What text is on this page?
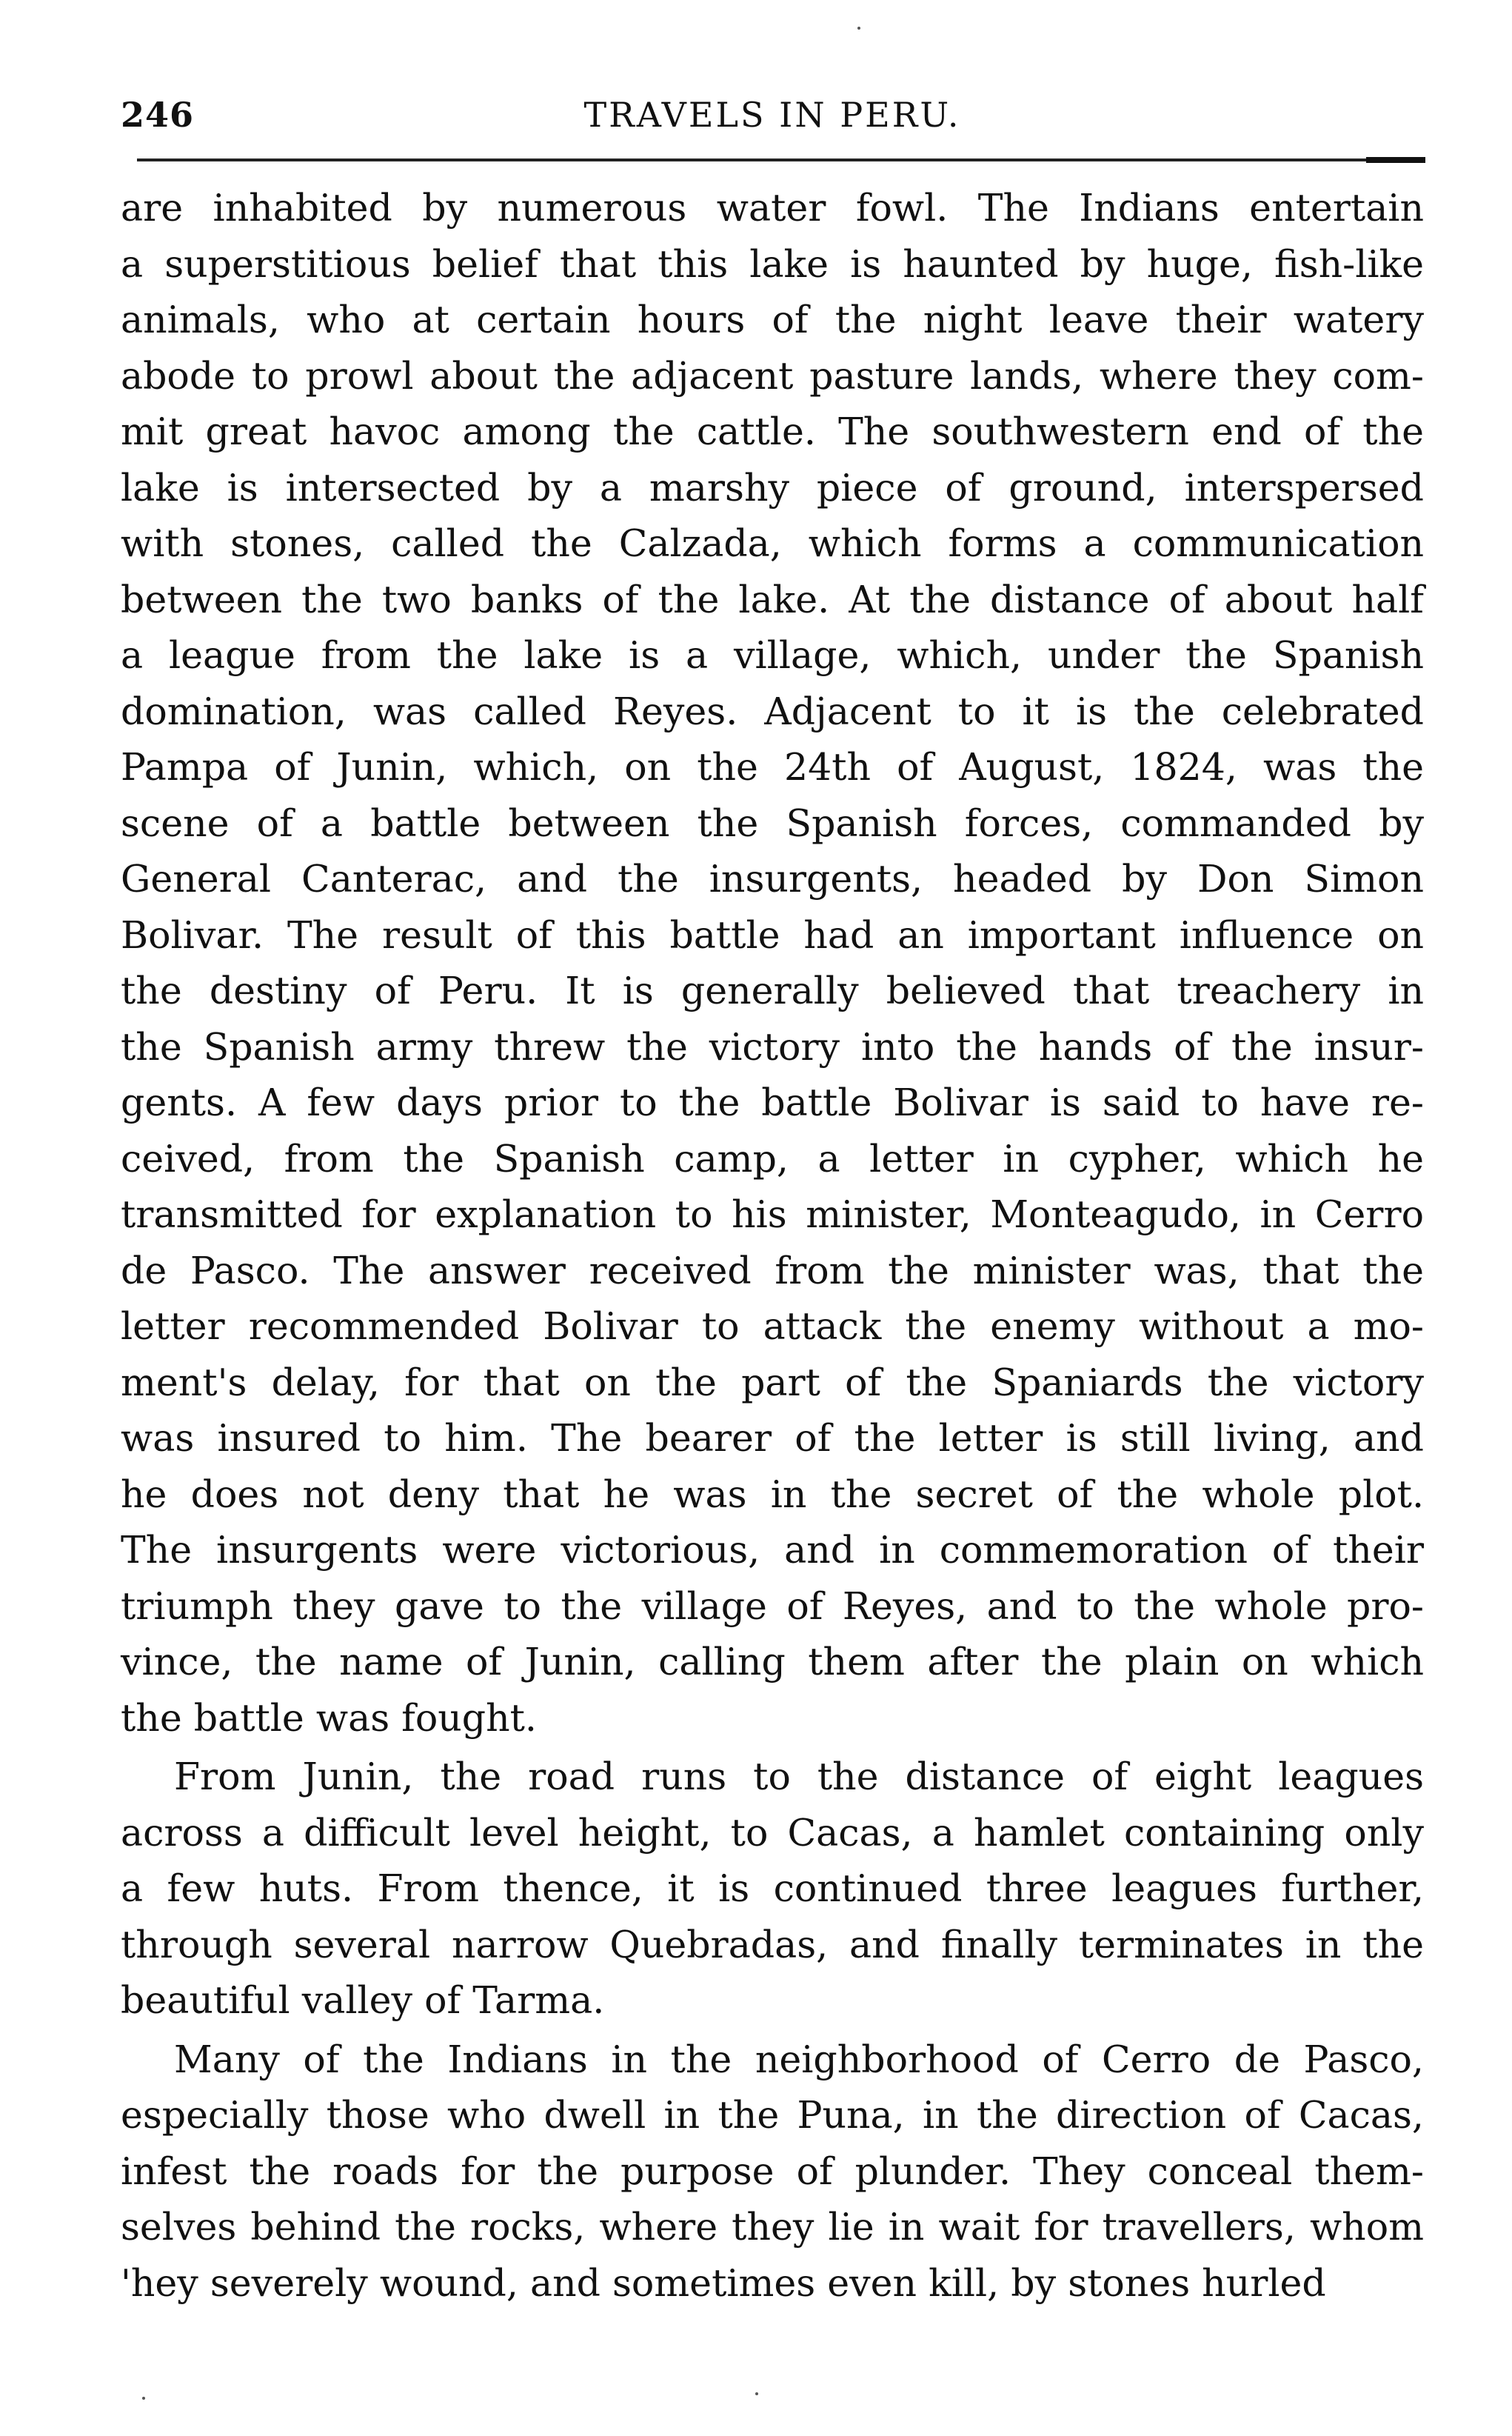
246	TRAVELS IN PERU.
are inhabited by numerous water fowl. The Indians entertain
a superstitious belief that this lake is haunted by huge, fish-like
animals, who at certain hours of the night leave their watery
abode to prowl about the adjacent pasture lands, where they com-
mit great havoc among the cattle. The southwestern end of the
lake is intersected by a marshy piece of ground, interspersed
with stones, called the Calzada, which forms a communication
between the two banks of the lake. At the distance of about half
a league from the lake is a village, which, under the Spanish
domination, was called Reyes. Adjacent to it is the celebrated
Pampa of Junin, which, on the 24th of August, 1824, was the
scene of a battle between the Spanish forces, commanded by
General Canterac, and the insurgents, headed by Don Simon
Bolivar. The result of this battle had an important influence on
the destiny of Peru. It is generally believed that treachery in
the Spanish army threw the victory into the hands of the insur-
gents. A few days prior to the battle Bolivar is said to have re-
ceived, from the Spanish camp, a letter in cypher, which he
transmitted for explanation to his minister, Monteagudo, in Cerro
de Pasco. The answer received from the minister was, that the
letter recommended Bolivar to attack the enemy without a mo-
ment's delay, for that on the part of the Spaniards the victory
was insured to him. The bearer of the letter is still living, and
he does not deny that he was in the secret of the whole plot.
The insurgents were victorious, and in commemoration of their
triumph they gave to the village of Reyes, and to the whole pro-
vince, the name of Junin, calling them after the plain on which
the battle was fought.
From Junin, the road runs to the distance of eight leagues
across a difficult level height, to Cacas, a hamlet containing only
a few huts. From thence, it is continued three leagues further,
through several narrow Quebradas, and finally terminates in the
beautiful valley of Tarma.
Many of the Indians in the neighborhood of Cerro de Pasco,
especially those who dwell in the Puna, in the direction of Cacas,
infest the roads for the purpose of plunder. They conceal them-
selves behind the rocks, where they lie in wait for travellers, whom
'hey severely wound, and sometimes even kill, by stones hurled
